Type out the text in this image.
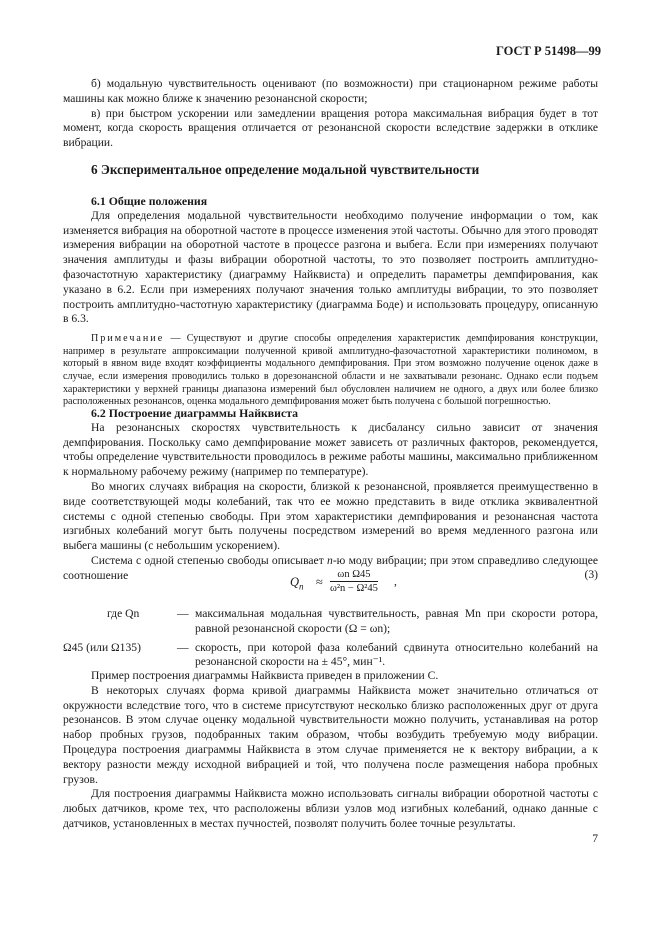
ГОСТ Р 51498—99

б) модальную чувствительность оценивают (по возможности) при стационарном режиме работы машины как можно ближе к значению резонансной скорости;

в) при быстром ускорении или замедлении вращения ротора максимальная вибрация будет в тот момент, когда скорость вращения отличается от резонансной скорости вследствие задержки в отклике вибрации.

6 Экспериментальное определение модальной чувствительности
6.1 Общие положения

Для определения модальной чувствительности необходимо получение информации о том, как изменяется вибрация на оборотной частоте в процессе изменения этой частоты. Обычно для этого проводят измерения вибрации на оборотной частоте в процессе разгона и выбега. Если при измерениях получают значения амплитуды и фазы вибрации оборотной частоты, то это позволяет построить амплитудно-фазочастотную характеристику (диаграмму Найквиста) и определить параметры демпфирования, как указано в 6.2. Если при измерениях получают значения только амплитуды вибрации, то это позволяет построить амплитудно-частотную характеристику (диаграмма Боде) и использовать процедуру, описанную в 6.3.

Примечание — Существуют и другие способы определения характеристик демпфирования конструкции, например в результате аппроксимации полученной кривой амплитудно-фазочастотной характеристики полиномом, в который в явном виде входят коэффициенты модального демпфирования. При этом возможно получение оценок даже в случае, если измерения проводились только в дорезонансной области и не захватывали резонанс. Однако если подъем характеристики у верхней границы диапазона измерений был обусловлен наличием не одного, а двух или более близко расположенных резонансов, оценка модального демпфирования может быть получена с большой погрешностью.

6.2 Построение диаграммы Найквиста

На резонансных скоростях чувствительность к дисбалансу сильно зависит от значения демпфирования. Поскольку само демпфирование может зависеть от различных факторов, рекомендуется, чтобы определение чувствительности проводилось в режиме работы машины, максимально приближенном к нормальному рабочему режиму (например по температуре).

Во многих случаях вибрация на скорости, близкой к резонансной, проявляется преимущественно в виде соответствующей моды колебаний, так что ее можно представить в виде отклика эквивалентной системы с одной степенью свободы. При этом характеристики демпфирования и резонансная частота изгибных колебаний могут быть получены посредством измерений во время медленного разгона или выбега машины (с небольшим ускорением).

Система с одной степенью свободы описывает n-ю моду вибрации; при этом справедливо следующее соотношение	$Q_n \approx \frac{\text{ωn Ω45}}{\text{ω²n − Ω²45}}$ ,
(3)
где Qn	— максимальная модальная чувствительность, равная Mn при скорости ротора, равной резонансной скорости (Ω = ωn);

Ω45 (или Ω135)	— скорость, при которой фаза колебаний сдвинута относительно колебаний на резонансной скорости на ± 45°, мин⁻¹.

Пример построения диаграммы Найквиста приведен в приложении С.

В некоторых случаях форма кривой диаграммы Найквиста может значительно отличаться от окружности вследствие того, что в системе присутствуют несколько близко расположенных друг от друга резонансов. В этом случае оценку модальной чувствительности можно получить, устанавливая на ротор набор пробных грузов, подобранных таким образом, чтобы возбудить требуемую моду вибрации. Процедура построения диаграммы Найквиста в этом случае применяется не к вектору вибрации, а к вектору разности между исходной вибрацией и той, что получена после размещения набора пробных грузов.

Для построения диаграммы Найквиста можно использовать сигналы вибрации оборотной частоты с любых датчиков, кроме тех, что расположены вблизи узлов мод изгибных колебаний, однако данные с датчиков, установленных в местах пучностей, позволят получить более точные результаты.

7
